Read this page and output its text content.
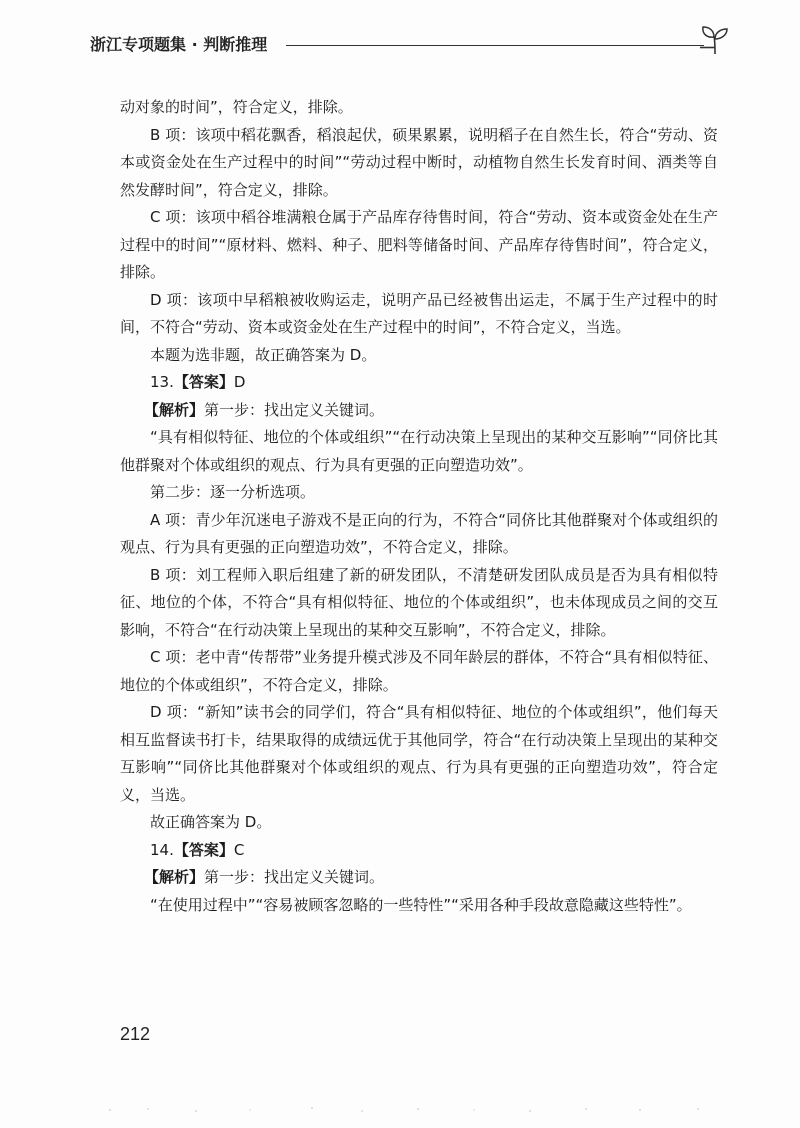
浙江专项题集 · 判断推理

动对象的时间”，符合定义，排除。

B 项：该项中稻花飘香，稻浪起伏，硕果累累，说明稻子在自然生长，符合“劳动、资本或资金处在生产过程中的时间”“劳动过程中断时，动植物自然生长发育时间、酒类等自然发酵时间”，符合定义，排除。

C 项：该项中稻谷堆满粮仓属于产品库存待售时间，符合“劳动、资本或资金处在生产过程中的时间”“原材料、燃料、种子、肥料等储备时间、产品库存待售时间”，符合定义，排除。

D 项：该项中早稻粮被收购运走，说明产品已经被售出运走，不属于生产过程中的时间，不符合“劳动、资本或资金处在生产过程中的时间”，不符合定义，当选。

本题为选非题，故正确答案为 D。

13.【答案】D

【解析】第一步：找出定义关键词。

“具有相似特征、地位的个体或组织”“在行动决策上呈现出的某种交互影响”“同侪比其他群聚对个体或组织的观点、行为具有更强的正向塑造功效”。

第二步：逐一分析选项。

A 项：青少年沉迷电子游戏不是正向的行为，不符合“同侪比其他群聚对个体或组织的观点、行为具有更强的正向塑造功效”，不符合定义，排除。

B 项：刘工程师入职后组建了新的研发团队，不清楚研发团队成员是否为具有相似特征、地位的个体，不符合“具有相似特征、地位的个体或组织”，也未体现成员之间的交互影响，不符合“在行动决策上呈现出的某种交互影响”，不符合定义，排除。

C 项：老中青“传帮带”业务提升模式涉及不同年龄层的群体，不符合“具有相似特征、地位的个体或组织”，不符合定义，排除。

D 项：“新知”读书会的同学们，符合“具有相似特征、地位的个体或组织”，他们每天相互监督读书打卡，结果取得的成绩远优于其他同学，符合“在行动决策上呈现出的某种交互影响”“同侪比其他群聚对个体或组织的观点、行为具有更强的正向塑造功效”，符合定义，当选。

故正确答案为 D。

14.【答案】C

【解析】第一步：找出定义关键词。

“在使用过程中”“容易被顾客忽略的一些特性”“采用各种手段故意隐藏这些特性”。

212
